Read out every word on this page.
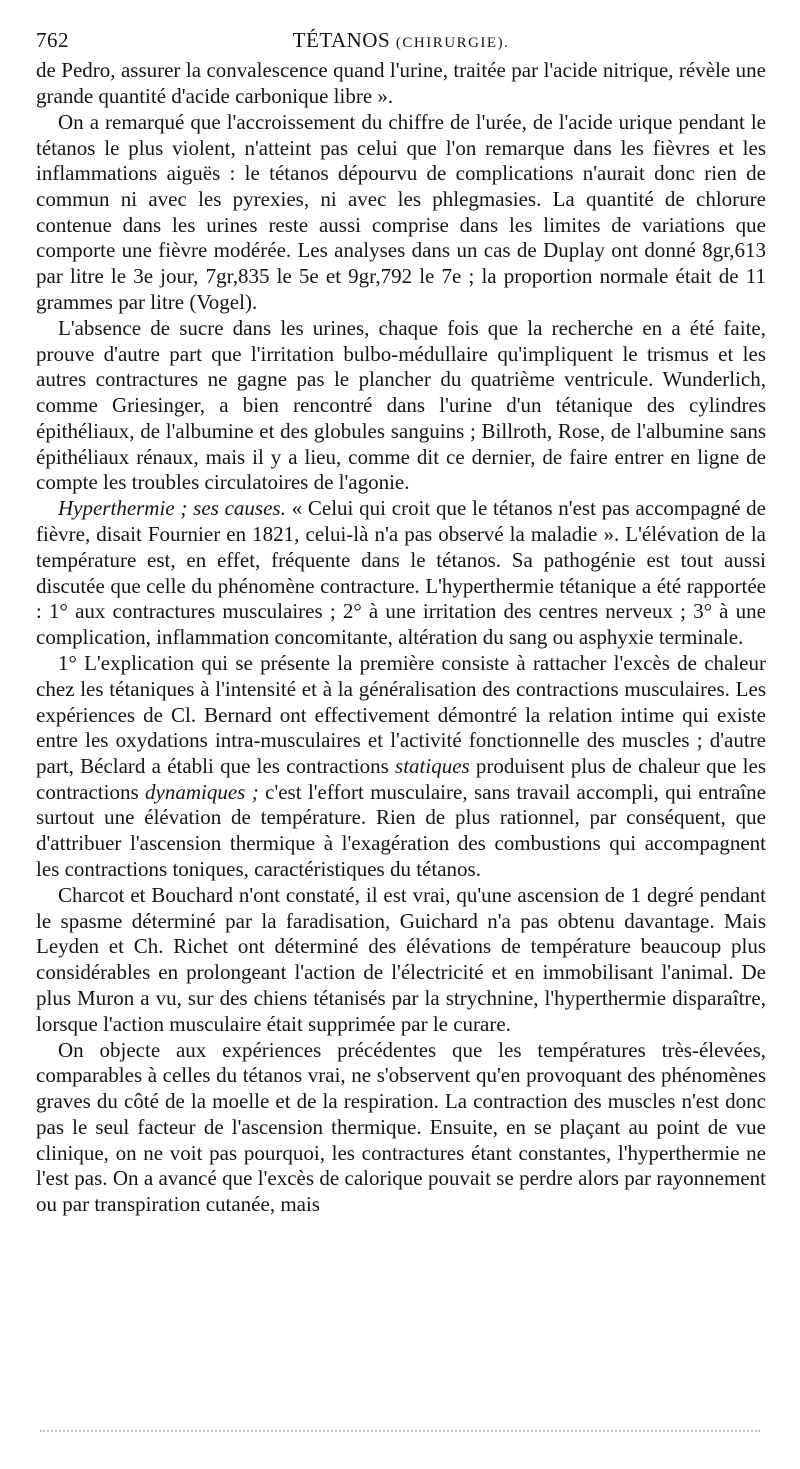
762	TÉTANOS (CHIRURGIE).

de Pedro, assurer la convalescence quand l'urine, traitée par l'acide nitrique, révèle une grande quantité d'acide carbonique libre ».

On a remarqué que l'accroissement du chiffre de l'urée, de l'acide urique pendant le tétanos le plus violent, n'atteint pas celui que l'on remarque dans les fièvres et les inflammations aiguës : le tétanos dépourvu de complications n'aurait donc rien de commun ni avec les pyrexies, ni avec les phlegmasies. La quantité de chlorure contenue dans les urines reste aussi comprise dans les limites de variations que comporte une fièvre modérée. Les analyses dans un cas de Duplay ont donné 8gr,613 par litre le 3e jour, 7gr,835 le 5e et 9gr,792 le 7e ; la proportion normale était de 11 grammes par litre (Vogel).

L'absence de sucre dans les urines, chaque fois que la recherche en a été faite, prouve d'autre part que l'irritation bulbo-médullaire qu'impliquent le trismus et les autres contractures ne gagne pas le plancher du quatrième ventricule. Wunderlich, comme Griesinger, a bien rencontré dans l'urine d'un tétanique des cylindres épithéliaux, de l'albumine et des globules sanguins ; Billroth, Rose, de l'albumine sans épithéliaux rénaux, mais il y a lieu, comme dit ce dernier, de faire entrer en ligne de compte les troubles circulatoires de l'agonie.

Hyperthermie ; ses causes. « Celui qui croit que le tétanos n'est pas accompagné de fièvre, disait Fournier en 1821, celui-là n'a pas observé la maladie ». L'élévation de la température est, en effet, fréquente dans le tétanos. Sa pathogénie est tout aussi discutée que celle du phénomène contracture. L'hyperthermie tétanique a été rapportée : 1° aux contractures musculaires ; 2° à une irritation des centres nerveux ; 3° à une complication, inflammation concomitante, altération du sang ou asphyxie terminale.

1° L'explication qui se présente la première consiste à rattacher l'excès de chaleur chez les tétaniques à l'intensité et à la généralisation des contractions musculaires. Les expériences de Cl. Bernard ont effectivement démontré la relation intime qui existe entre les oxydations intra-musculaires et l'activité fonctionnelle des muscles ; d'autre part, Béclard a établi que les contractions statiques produisent plus de chaleur que les contractions dynamiques ; c'est l'effort musculaire, sans travail accompli, qui entraîne surtout une élévation de température. Rien de plus rationnel, par conséquent, que d'attribuer l'ascension thermique à l'exagération des combustions qui accompagnent les contractions toniques, caractéristiques du tétanos.

Charcot et Bouchard n'ont constaté, il est vrai, qu'une ascension de 1 degré pendant le spasme déterminé par la faradisation, Guichard n'a pas obtenu davantage. Mais Leyden et Ch. Richet ont déterminé des élévations de température beaucoup plus considérables en prolongeant l'action de l'électricité et en immobilisant l'animal. De plus Muron a vu, sur des chiens tétanisés par la strychnine, l'hyperthermie disparaître, lorsque l'action musculaire était supprimée par le curare.

On objecte aux expériences précédentes que les températures très-élevées, comparables à celles du tétanos vrai, ne s'observent qu'en provoquant des phénomènes graves du côté de la moelle et de la respiration. La contraction des muscles n'est donc pas le seul facteur de l'ascension thermique. Ensuite, en se plaçant au point de vue clinique, on ne voit pas pourquoi, les contractures étant constantes, l'hyperthermie ne l'est pas. On a avancé que l'excès de calorique pouvait se perdre alors par rayonnement ou par transpiration cutanée, mais
